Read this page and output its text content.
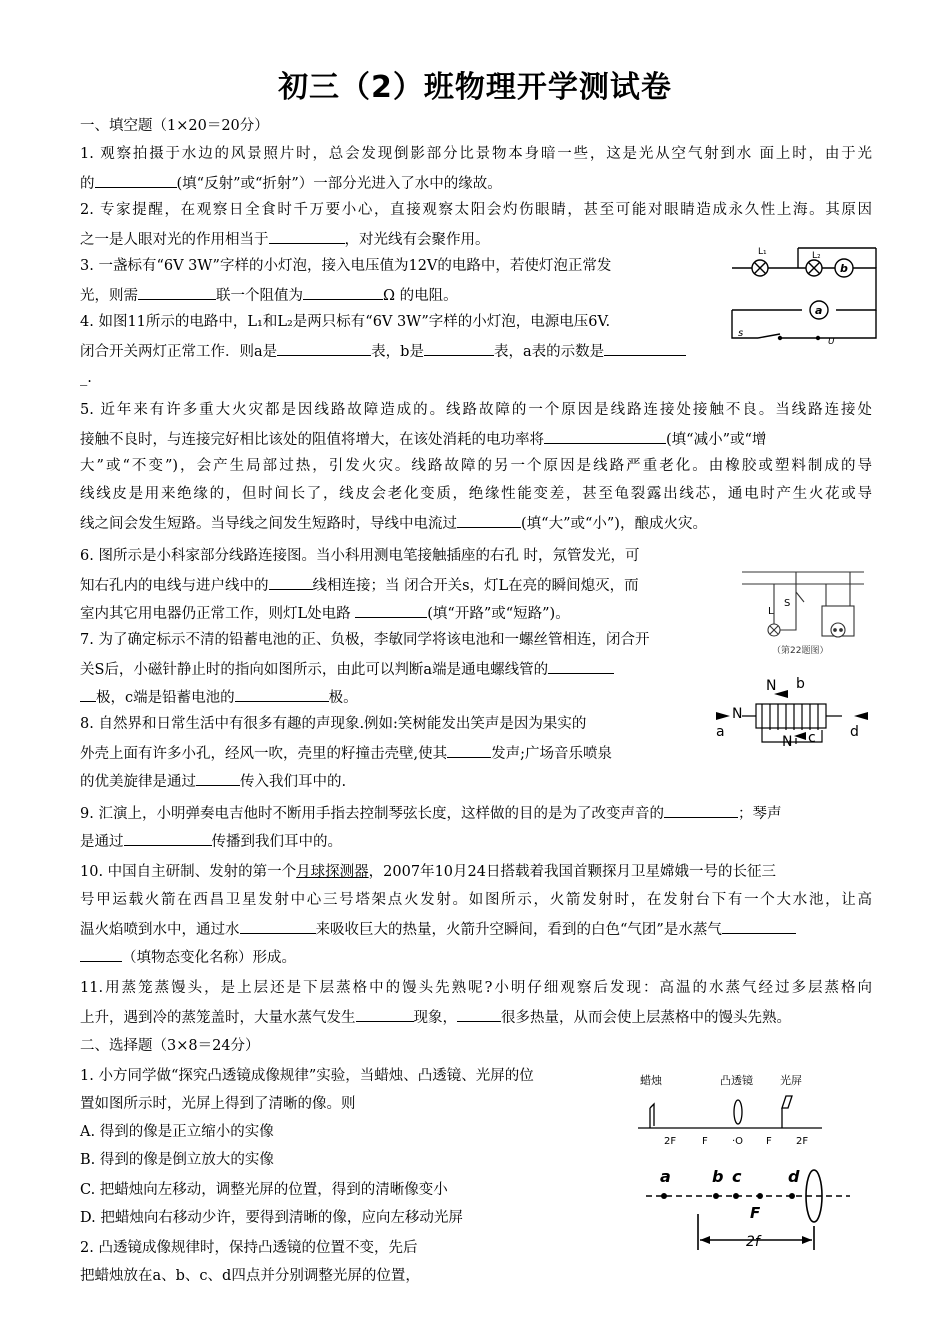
初三（2）班物理开学测试卷
一、填空题（1×20＝20分）
1. 观察拍摄于水边的风景照片时，总会发现倒影部分比景物本身暗一些，这是光从空气射到水 面上时，由于光
的	(填“反射”或“折射”）一部分光进入了水中的缘故。
2. 专家提醒，在观察日全食时千万要小心，直接观察太阳会灼伤眼睛，甚至可能对眼睛造成永久性上海。其原因
之一是人眼对光的作用相当于	，对光线有会聚作用。
3. 一盏标有“6V 3W”字样的小灯泡，接入电压值为12V的电路中，若使灯泡正常发
光，则需	联一个阻值为	Ω 的电阻。
4. 如图11所示的电路中，L₁和L₂是两只标有“6V 3W”字样的小灯泡，电源电压6V.
闭合开关两灯正常工作．则a是	表，b是	表，a表的示数是
_.
5. 近年来有许多重大火灾都是因线路故障造成的。线路故障的一个原因是线路连接处接触不良。当线路连接处
接触不良时，与连接完好相比该处的阻值将增大，在该处消耗的电功率将	(填“减小”或“增
大”或“不变”)，会产生局部过热，引发火灾。线路故障的另一个原因是线路严重老化。由橡胶或塑料制成的导
线线皮是用来绝缘的，但时间长了，线皮会老化变质，绝缘性能变差，甚至龟裂露出线芯，通电时产生火花或导
线之间会发生短路。当导线之间发生短路时，导线中电流过	(填“大”或“小”)，酿成火灾。
6. 图所示是小科家部分线路连接图。当小科用测电笔接触插座的右孔 时，氖管发光，可
知右孔内的电线与进户线中的	线相连接；当 闭合开关s，灯L在亮的瞬间熄灭，而
室内其它用电器仍正常工作，则灯L处电路	(填“开路”或“短路”)。
7. 为了确定标示不清的铅蓄电池的正、负极，李敏同学将该电池和一螺丝管相连，闭合开
关S后，小磁针静止时的指向如图所示，由此可以判断a端是通电螺线管的
极，c端是铅蓄电池的	极。
8. 自然界和日常生活中有很多有趣的声现象.例如:笑树能发出笑声是因为果实的
外壳上面有许多小孔，经风一吹，壳里的籽撞击壳壁,使其	发声;广场音乐喷泉
的优美旋律是通过	传入我们耳中的.
9. 汇演上，小明弹奏电吉他时不断用手指去控制琴弦长度，这样做的目的是为了改变声音的	；琴声
是通过	传播到我们耳中的。
10. 中国自主研制、发射的第一个月球探测器，2007年10月24日搭载着我国首颗探月卫星嫦娥一号的长征三
号甲运载火箭在西昌卫星发射中心三号塔架点火发射。如图所示，火箭发射时，在发射台下有一个大水池，让高
温火焰喷到水中，通过水	来吸收巨大的热量，火箭升空瞬间，看到的白色“气团”是水蒸气
（填物态变化名称）形成。
11.用蒸笼蒸馒头，是上层还是下层蒸格中的馒头先熟呢?小明仔细观察后发现：高温的水蒸气经过多层蒸格向
上升，遇到冷的蒸笼盖时，大量水蒸气发生	现象，	很多热量，从而会使上层蒸格中的馒头先熟。
二、选择题（3×8＝24分）
1. 小方同学做“探究凸透镜成像规律”实验，当蜡烛、凸透镜、光屏的位
置如图所示时，光屏上得到了清晰的像。则
A. 得到的像是正立缩小的实像
B. 得到的像是倒立放大的实像
C. 把蜡烛向左移动，调整光屏的位置，得到的清晰像变小
D. 把蜡烛向右移动少许，要得到清晰的像，应向左移动光屏
2. 凸透镜成像规律时，保持凸透镜的位置不变，先后
把蜡烛放在a、b、c、d四点并分别调整光屏的位置，
L₁	L₂
b
a
s
U
L
S
（第22题图）
N b
N
a
N c d
蜡烛	凸透镜 光屏
2F	F ·O F 2F
a	b c	d
F
2f
